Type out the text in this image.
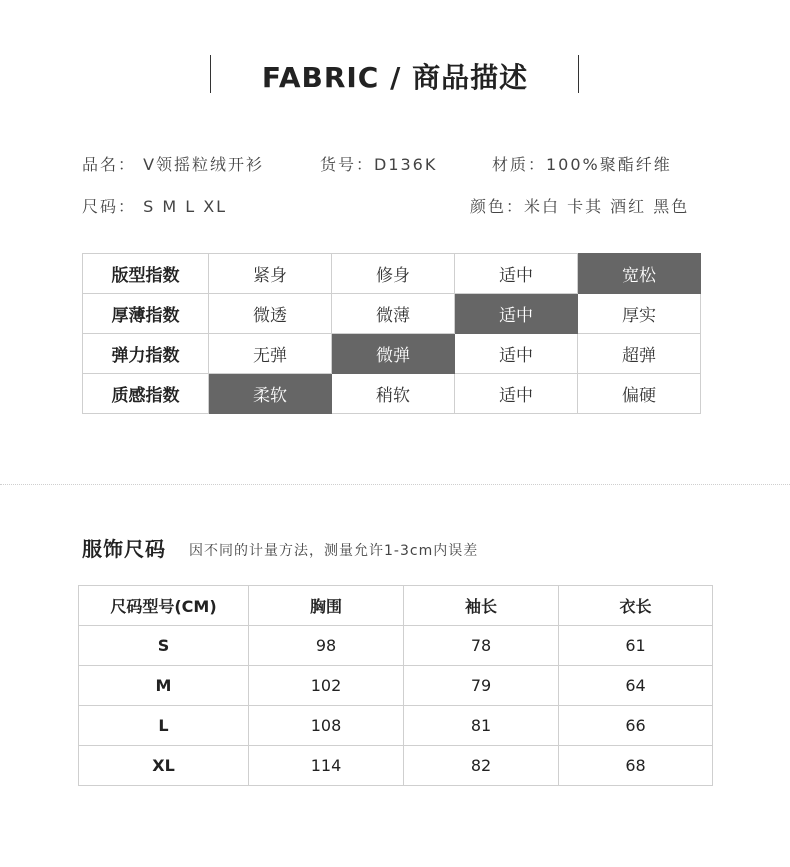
FABRIC / 商品描述
品名： V领摇粒绒开衫	货号：D136K	材质：100%聚酯纤维
尺码： S M L XL	颜色：米白 卡其 酒红 黑色
版型指数	紧身	修身	适中	宽松
厚薄指数	微透	微薄	适中	厚实
弹力指数	无弹	微弹	适中	超弹
质感指数	柔软	稍软	适中	偏硬
服饰尺码 因不同的计量方法，测量允许1-3cm内误差
尺码型号(CM)	胸围	袖长	衣长
S	98	78	61
M	102	79	64
L	108	81	66
XL	114	82	68
